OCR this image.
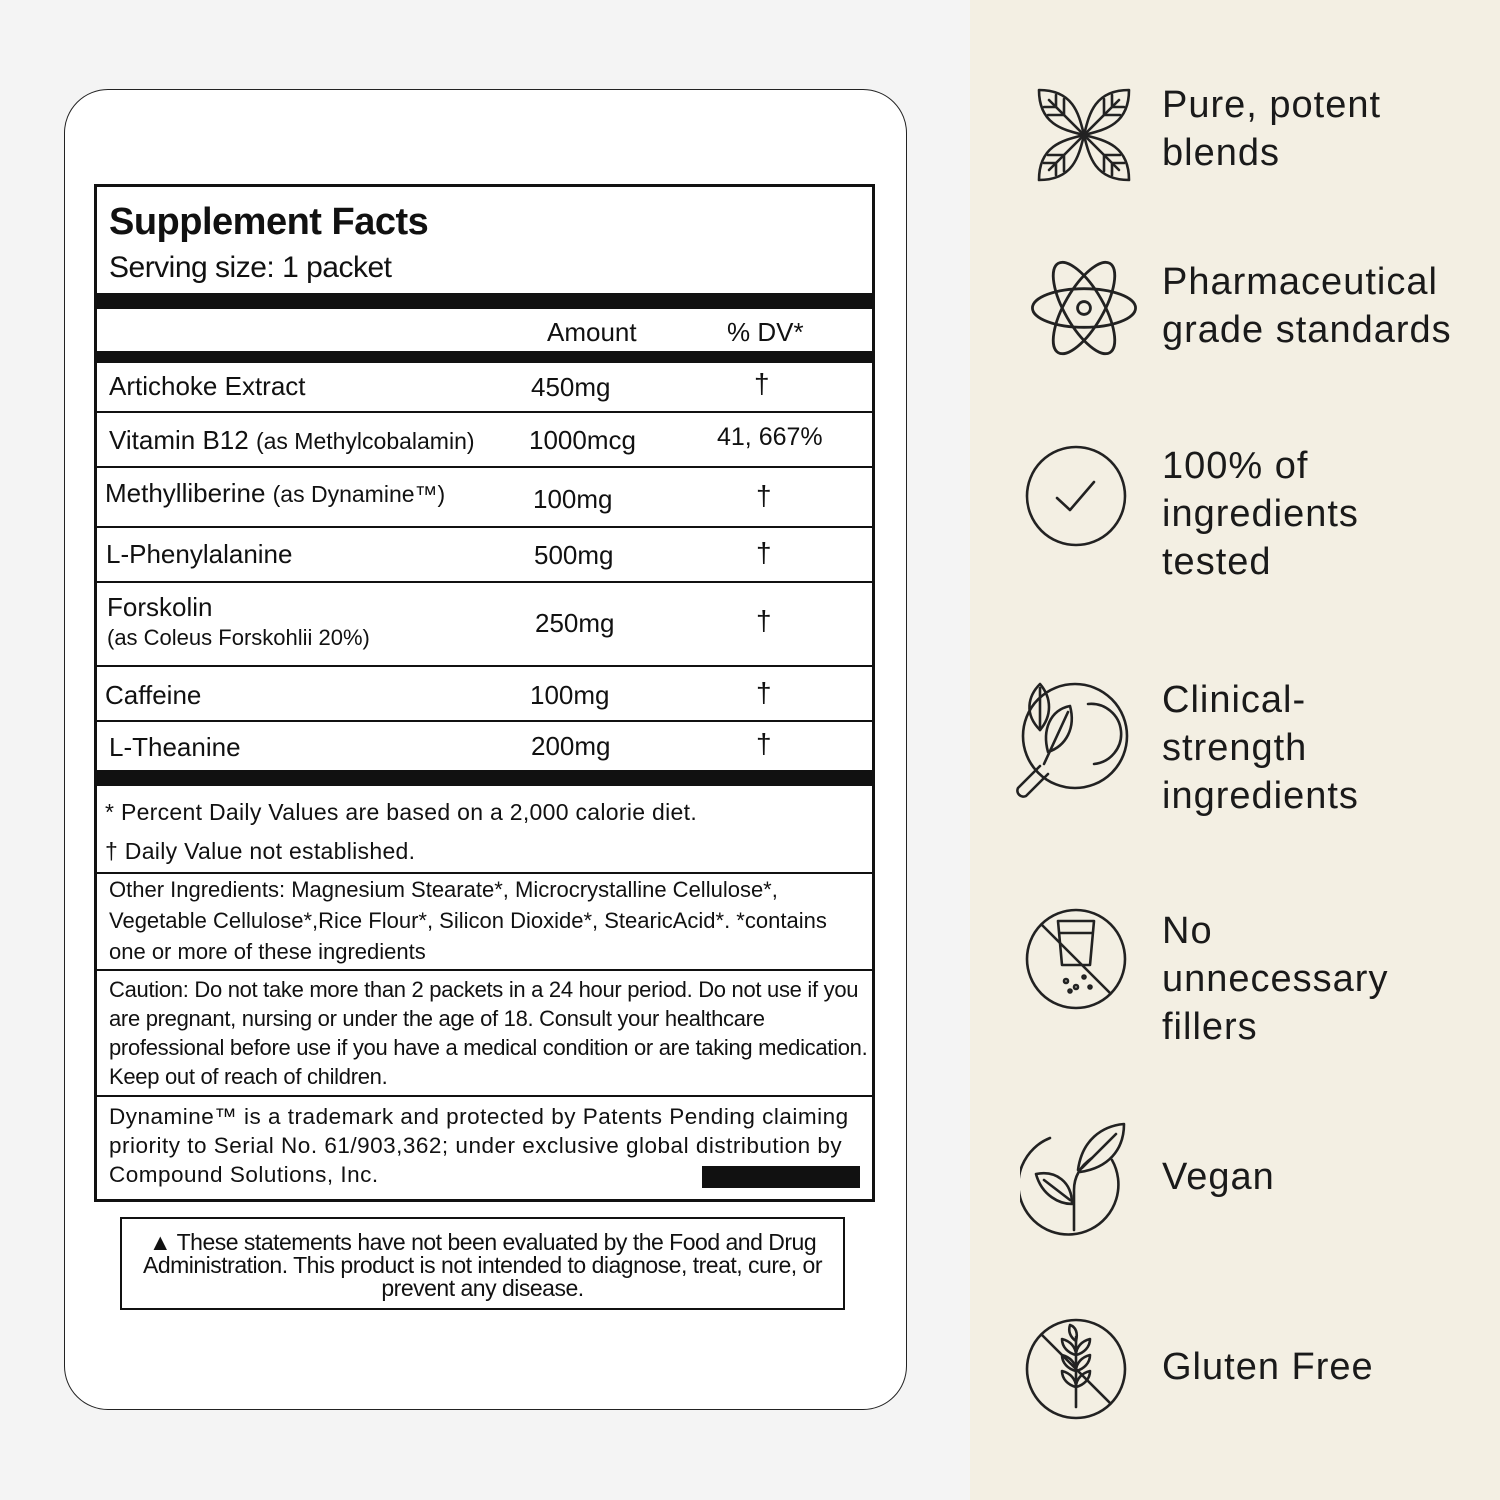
Supplement Facts
Serving size: 1 packet
Amount	% DV*
Artichoke Extract	450mg	†
Vitamin B12 (as Methylcobalamin) 1000mcg	41, 667%
Methylliberine (as Dynamine™)	100mg	†
L-Phenylalanine	500mg	†
Forskolin
(as Coleus Forskohlii 20%)	250mg	†
Caffeine	100mg	†
L-Theanine	200mg	†
* Percent Daily Values are based on a 2,000 calorie diet.
† Daily Value not established.

Other Ingredients: Magnesium Stearate*, Microcrystalline Cellulose*, Vegetable Cellulose*,Rice Flour*, Silicon Dioxide*, StearicAcid*. *contains one or more of these ingredients

Caution: Do not take more than 2 packets in a 24 hour period. Do not use if you are pregnant, nursing or under the age of 18. Consult your healthcare professional before use if you have a medical condition or are taking medication. Keep out of reach of children.

Dynamine™ is a trademark and protected by Patents Pending claiming priority to Serial No. 61/903,362; under exclusive global distribution by Compound Solutions, Inc.

▲ These statements have not been evaluated by the Food and Drug Administration. This product is not intended to diagnose, treat, cure, or prevent any disease.
Pure, potent
blends
Pharmaceutical
grade standards
100% of
ingredients
tested
Clinical-
strength
ingredients
No
unnecessary
fillers
Vegan
Gluten Free
